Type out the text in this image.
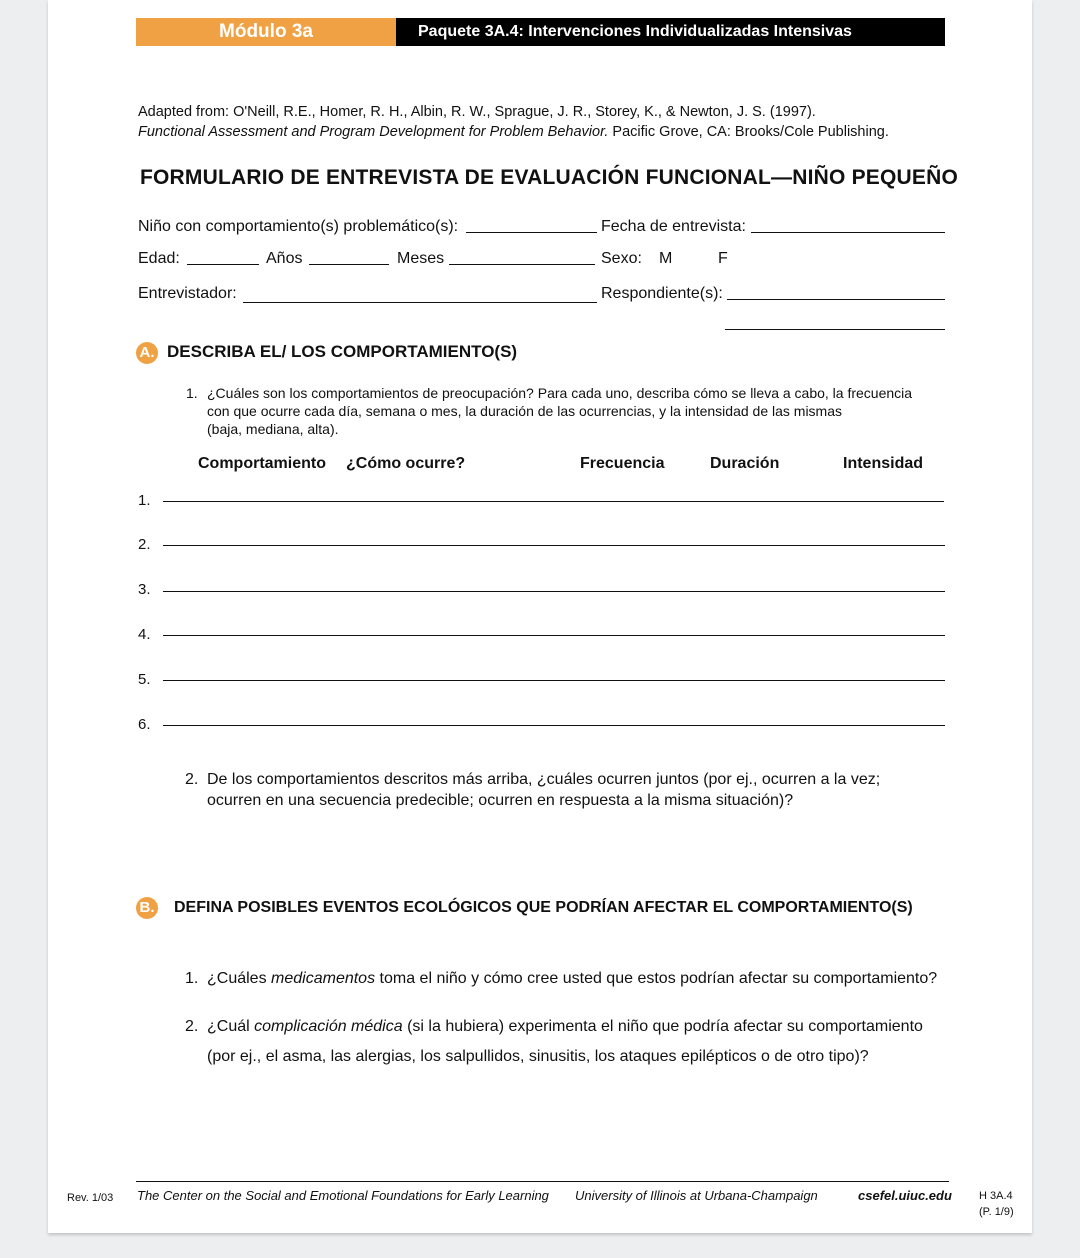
Módulo 3a	Paquete 3A.4: Intervenciones Individualizadas Intensivas
Adapted from: O'Neill, R.E., Homer, R. H., Albin, R. W., Sprague, J. R., Storey, K., & Newton, J. S. (1997).
Functional Assessment and Program Development for Problem Behavior. Pacific Grove, CA: Brooks/Cole Publishing.
FORMULARIO DE ENTREVISTA DE EVALUACIÓN FUNCIONAL—NIÑO PEQUEÑO
Niño con comportamiento(s) problemático(s):	Fecha de entrevista:
Edad:	Años	Meses	Sexo: M	F
Entrevistador:	Respondiente(s):
A. DESCRIBA EL/ LOS COMPORTAMIENTO(S)
1. ¿Cuáles son los comportamientos de preocupación? Para cada uno, describa cómo se lleva a cabo, la frecuencia
con que ocurre cada día, semana o mes, la duración de las ocurrencias, y la intensidad de las mismas
(baja, mediana, alta).
Comportamiento ¿Cómo ocurre?	Frecuencia	Duración	Intensidad
1.
2.
3.
4.
5.
6.
2. De los comportamientos descritos más arriba, ¿cuáles ocurren juntos (por ej., ocurren a la vez;
ocurren en una secuencia predecible; ocurren en respuesta a la misma situación)?
B. DEFINA POSIBLES EVENTOS ECOLÓGICOS QUE PODRÍAN AFECTAR EL COMPORTAMIENTO(S)
1. ¿Cuáles medicamentos toma el niño y cómo cree usted que estos podrían afectar su comportamiento?
2. ¿Cuál complicación médica (si la hubiera) experimenta el niño que podría afectar su comportamiento
(por ej., el asma, las alergias, los salpullidos, sinusitis, los ataques epilépticos o de otro tipo)?
Rev. 1/03 The Center on the Social and Emotional Foundations for Early Learning University of Illinois at Urbana-Champaign	csefel.uiuc.edu H 3A.4
(P. 1/9)
